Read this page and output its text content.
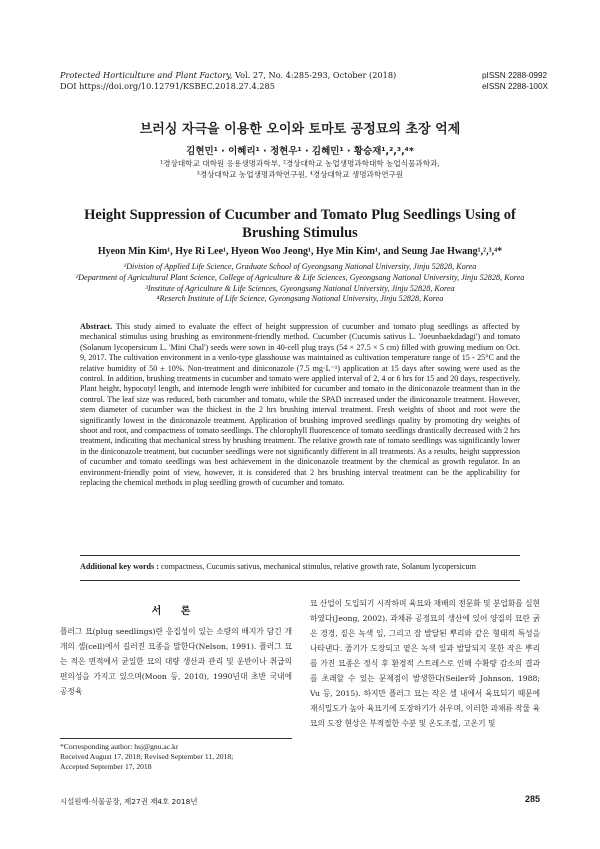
Protected Horticulture and Plant Factory, Vol. 27, No. 4:285-293, October (2018)
DOI https://doi.org/10.12791/KSBEC.2018.27.4.285
pISSN 2288-0992
eISSN 2288-100X
브러싱 자극을 이용한 오이와 토마토 공정묘의 초장 억제
김현민¹ · 이혜리¹ · 정현우¹ · 김혜민¹ · 황승재¹,²,³,⁴*
¹경상대학교 대학원 응용생명과학부, ²경상대학교 농업생명과학대학 농업식물과학과,
³경상대학교 농업생명과학연구원, ⁴경상대학교 생명과학연구원
Height Suppression of Cucumber and Tomato Plug Seedlings Using of Brushing Stimulus
Hyeon Min Kim¹, Hye Ri Lee¹, Hyeon Woo Jeong¹, Hye Min Kim¹, and Seung Jae Hwang¹,²,³,⁴*
¹Division of Applied Life Science, Graduate School of Gyeongsang National University, Jinju 52828, Korea
²Department of Agricultural Plant Science, College of Agriculture & Life Sciences, Gyeongsang National University, Jinju 52828, Korea
³Institute of Agriculture & Life Sciences, Gyeongsang National University, Jinju 52828, Korea
⁴Reserch Institute of Life Science, Gyeongsang National University, Jinju 52828, Korea
Abstract. This study aimed to evaluate the effect of height suppression of cucumber and tomato plug seedlings as affected by mechanical stimulus using brushing as environment-friendly method. Cucumber (Cucumis sativus L. 'Joeunbaekdadagi') and tomato (Solanum lycopersicum L. 'Mini Chal') seeds were sown in 40-cell plug trays (54 × 27.5 × 5 cm) filled with growing medium on Oct. 9, 2017. The cultivation environment in a venlo-type glasshouse was maintained as cultivation temperature range of 15 - 25°C and the relative humidity of 50 ± 10%. Non-treatment and diniconazole (7.5 mg·L⁻¹) application at 15 days after sowing were used as the control. In addition, brushing treatments in cucumber and tomato were applied interval of 2, 4 or 6 hrs for 15 and 20 days, respectively. Plant height, hypocotyl length, and internode length were inhibited for cucumber and tomato in the diniconazole treatment than in the control. The leaf size was reduced, both cucumber and tomato, while the SPAD increased under the diniconazole treatment. However, stem diameter of cucumber was the thickest in the 2 hrs brushing interval treatment. Fresh weights of shoot and root were the significantly lowest in the diniconazole treatment. Application of brushing improved seedlings quality by promoting dry weights of shoot and root, and compactness of tomato seedlings. The chlorophyll fluorescence of tomato seedlings drastically decreased with 2 hrs treatment, indicating that mechanical stress by brushing treatment. The relative growth rate of tomato seedlings was significantly lower in the diniconazole treatment, but cucumber seedlings were not significantly different in all treatments. As a results, height suppression of cucumber and tomato seedlings was best achievement in the diniconazole treatment by the chemical as growth regulator. In an environment-friendly point of view, however, it is considered that 2 hrs brushing interval treatment can be the applicability for replacing the chemical methods in plug seedling growth of cucumber and tomato.
Additional key words : compactness, Cucumis sativus, mechanical stimulus, relative growth rate, Solanum lycopersicum
서 론
플러그 묘(plug seedlings)란 응집성이 있는 소량의 배지가 담긴 개개의 셀(cell)에서 길러진 묘종을 말한다(Nelson, 1991). 플러그 묘는 적은 면적에서 균일한 묘의 대량 생산과 관리 및 운반이나 취급의 편의성을 가지고 있으며(Moon 등, 2010), 1990년대 초반 국내에 공정육
묘 산업이 도입되기 시작하며 육묘와 재배의 전문화 및 분업화를 실현하였다(Jeong, 2002). 과채류 공정묘의 생산에 있어 양질의 묘란 굵은 경경, 짙은 녹색 잎, 그리고 잘 발달된 뿌리와 같은 형태적 특성을 나타낸다. 줄기가 도장되고 옅은 녹색 잎과 발달되지 못한 작은 뿌리를 가진 묘종은 정식 후 환경적 스트레스로 인해 수확량 감소의 결과를 초래할 수 있는 문제점이 발생한다(Seiler와 Johnson, 1988; Vu 등, 2015). 하지만 플러그 묘는 작은 셀 내에서 육묘되기 때문에 재식밀도가 높아 육묘기에 도장하기가 쉬우며, 이러한 과채류 작물 육묘의 도장 현상은 부적절한 수분 및 온도조절, 고온기 및
*Corresponding author: hsj@gnu.ac.kr
Received August 17, 2018; Revised September 11, 2018;
Accepted September 17, 2018
시설원예·식물공장, 제27권 제4호 2018년	285
